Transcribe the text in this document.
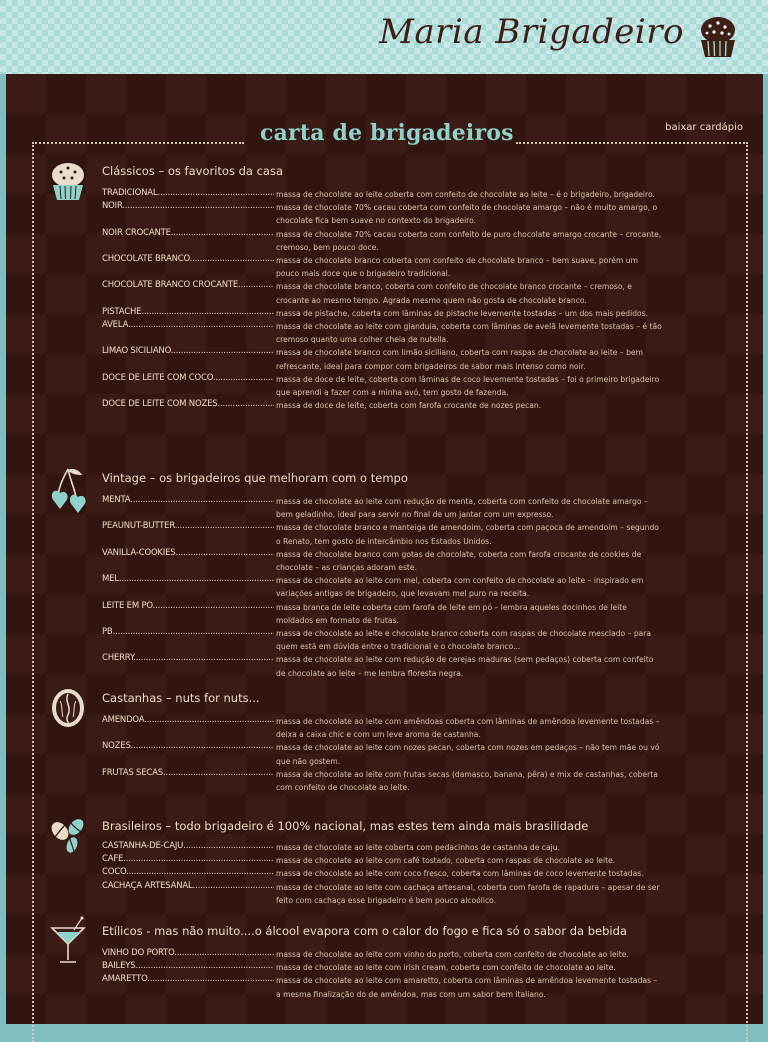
Maria Brigadeiro
baixar cardápio
carta de brigadeiros
Clássicos – os favoritos da casa
TRADICIONAL .....	massa de chocolate ao leite coberta com confeito de chocolate ao leite – é o brigadeiro, brigadeiro.
NOIR .....	massa de chocolate 70% cacau coberta com confeito de chocolate amargo – não é muito amargo, o chocolate fica bem suave no contexto do brigadeiro.
NOIR CROCANTE .....	massa de chocolate 70% cacau coberta com confeito de puro chocolate amargo crocante – crocante, cremoso, bem pouco doce.
CHOCOLATE BRANCO .....	massa de chocolate branco coberta com confeito de chocolate branco – bem suave, porém um pouco mais doce que o brigadeiro tradicional.
CHOCOLATE BRANCO CROCANTE .....	massa de chocolate branco, coberta com confeito de chocolate branco crocante – cremoso, e crocante ao mesmo tempo. Agrada mesmo quem não gosta de chocolate branco.
PISTACHE .....	massa de pistache, coberta com lâminas de pistache levemente tostadas – um dos mais pedidos.
AVELÃ .....	massa de chocolate ao leite com gianduia, coberta com lâminas de avelã levemente tostadas – é tão cremoso quanto uma colher cheia de nutella.
LIMÃO SICILIANO .....	massa de chocolate branco com limão siciliano, coberta com raspas de chocolate ao leite – bem refrescante, ideal para compor com brigadeiros de sabor mais intenso como noir.
DOCE DE LEITE COM COCO .....	massa de doce de leite, coberta com lâminas de coco levemente tostadas – foi o primeiro brigadeiro que aprendi a fazer com a minha avó, tem gosto de fazenda.
DOCE DE LEITE COM NOZES .....	massa de doce de leite, coberta com farofa crocante de nozes pecan.
Vintage – os brigadeiros que melhoram com o tempo
MENTA .....	massa de chocolate ao leite com redução de menta, coberta com confeito de chocolate amargo – bem geladinho, ideal para servir no final de um jantar com um expresso.
PEAUNUT-BUTTER .....	massa de chocolate branco e manteiga de amendoim, coberta com paçoca de amendoim – segundo o Renato, tem gosto de intercâmbio nos Estados Unidos.
VANILLA-COOKIES .....	massa de chocolate branco com gotas de chocolate, coberta com farofa crocante de cookies de chocolate – as crianças adoram este.
MEL .....	massa de chocolate ao leite com mel, coberta com confeito de chocolate ao leite – inspirado em variações antigas de brigadeiro, que levavam mel puro na receita.
LEITE EM PÓ .....	massa branca de leite coberta com farofa de leite em pó – lembra aqueles docinhos de leite moldados em formato de frutas.
PB .....	massa de chocolate ao leite e chocolate branco coberta com raspas de chocolate mesclado – para quem está em dúvida entre o tradicional e o chocolate branco...
CHERRY .....	massa de chocolate ao leite com redução de cerejas maduras (sem pedaços) coberta com confeito de chocolate ao leite – me lembra floresta negra.
Castanhas – nuts for nuts...
AMÊNDOA .....	massa de chocolate ao leite com amêndoas coberta com lâminas de amêndoa levemente tostadas – deixa a caixa chic e com um leve aroma de castanha.
NOZES .....	massa de chocolate ao leite com nozes pecan, coberta com nozes em pedaços – não tem mãe ou vó que não gostem.
FRUTAS SECAS .....	massa de chocolate ao leite com frutas secas (damasco, banana, pêra) e mix de castanhas, coberta com confeito de chocolate ao leite.
Brasileiros – todo brigadeiro é 100% nacional, mas estes tem ainda mais brasilidade
CASTANHA-DE-CAJU .....	massa de chocolate ao leite coberta com pedacinhos de castanha de caju.
CAFÉ .....	massa de chocolate ao leite com café tostado, coberta com raspas de chocolate ao leite.
COCO .....	massa de chocolate ao leite com coco fresco, coberta com lâminas de coco levemente tostadas.
CACHAÇA ARTESANAL .....	massa de chocolate ao leite com cachaça artesanal, coberta com farofa de rapadura – apesar de ser feito com cachaça esse brigadeiro é bem pouco alcoólico.
Etílicos - mas não muito....o álcool evapora com o calor do fogo e fica só o sabor da bebida
VINHO DO PORTO .....	massa de chocolate ao leite com vinho do porto, coberta com confeito de chocolate ao leite.
BAILEYS .....	massa de chocolate ao leite com irish cream, coberta com confeito de chocolate ao leite.
AMARETTO .....	massa de chocolate ao leite com amaretto, coberta com lâminas de amêndoa levemente tostadas – a mesma finalização do de amêndoa, mas com um sabor bem italiano.
